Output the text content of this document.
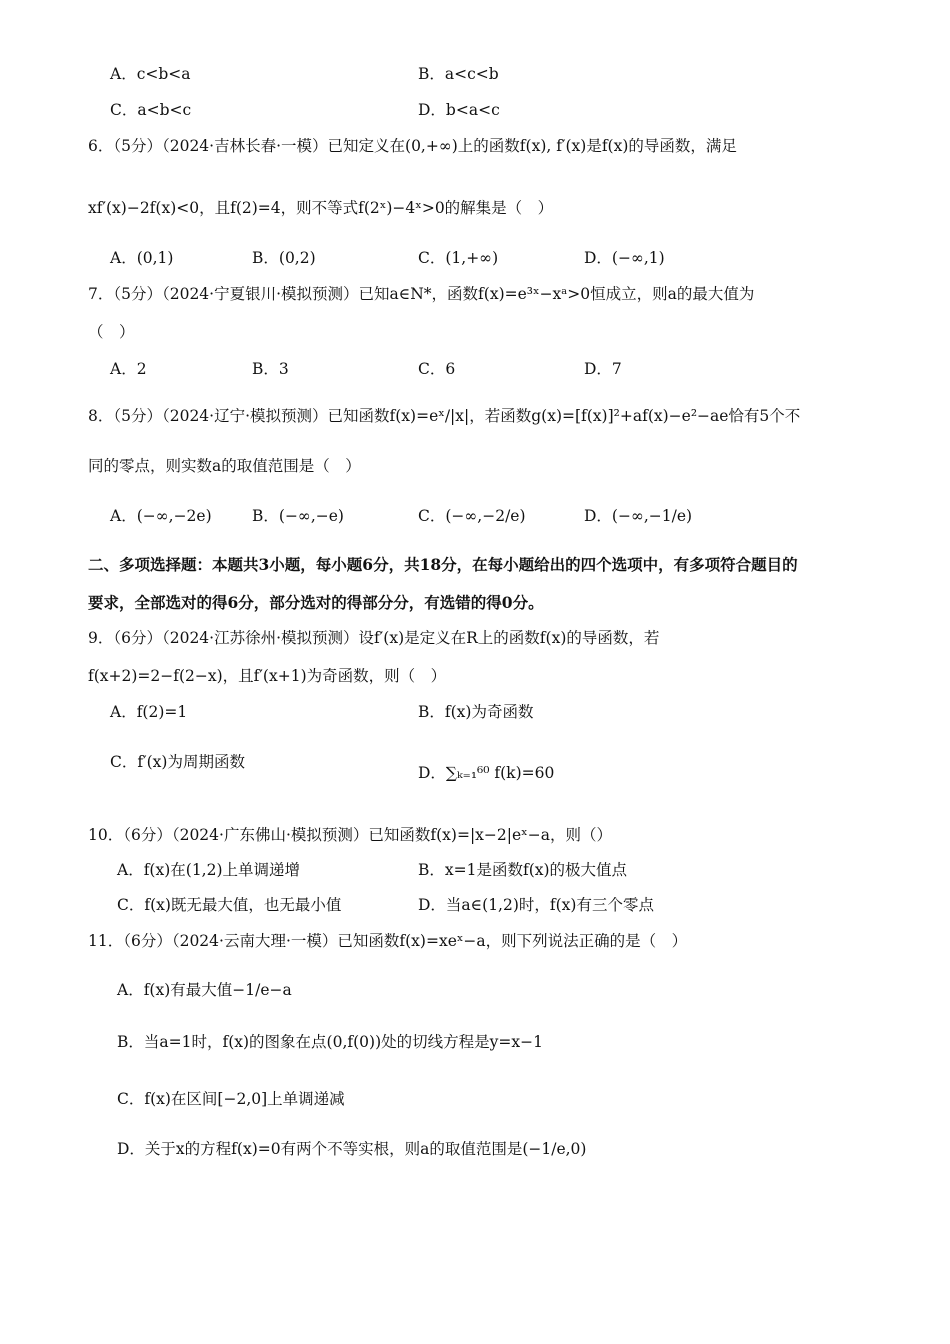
A．c<b<a	B．a<c<b
C．a<b<c	D．b<a<c
6．（5分）（2024·吉林长春·一模）已知定义在(0,+∞)上的函数f(x), f′(x)是f(x)的导函数，满足
xf′(x)−2f(x)<0，且f(2)=4，则不等式f(2ˣ)−4ˣ>0的解集是（　）
A．(0,1)	B．(0,2)	C．(1,+∞)	D．(−∞,1)
7．（5分）（2024·宁夏银川·模拟预测）已知a∈N*，函数f(x)=e³ˣ−xᵃ>0恒成立，则a的最大值为
（　）
A．2	B．3	C．6	D．7
8．（5分）（2024·辽宁·模拟预测）已知函数f(x)=eˣ/|x|，若函数g(x)=[f(x)]²+af(x)−e²−ae恰有5个不
同的零点，则实数a的取值范围是（　）
A．(−∞,−2e)	B．(−∞,−e)	C．(−∞,−2/e)	D．(−∞,−1/e)
二、多项选择题：本题共3小题，每小题6分，共18分，在每小题给出的四个选项中，有多项符合题目的
要求，全部选对的得6分，部分选对的得部分分，有选错的得0分。
9．（6分）（2024·江苏徐州·模拟预测）设f′(x)是定义在R上的函数f(x)的导函数，若
f(x+2)=2−f(2−x)，且f′(x+1)为奇函数，则（　）
A．f(2)=1	B．f(x)为奇函数
C．f′(x)为周期函数
D．∑ₖ₌₁⁶⁰ f(k)=60
10．（6分）（2024·广东佛山·模拟预测）已知函数f(x)=|x−2|eˣ−a，则（）
A．f(x)在(1,2)上单调递增	B．x=1是函数f(x)的极大值点
C．f(x)既无最大值，也无最小值	D．当a∈(1,2)时，f(x)有三个零点
11．（6分）（2024·云南大理·一模）已知函数f(x)=xeˣ−a，则下列说法正确的是（　）
A．f(x)有最大值−1/e−a
B．当a=1时，f(x)的图象在点(0,f(0))处的切线方程是y=x−1
C．f(x)在区间[−2,0]上单调递减
D．关于x的方程f(x)=0有两个不等实根，则a的取值范围是(−1/e,0)
